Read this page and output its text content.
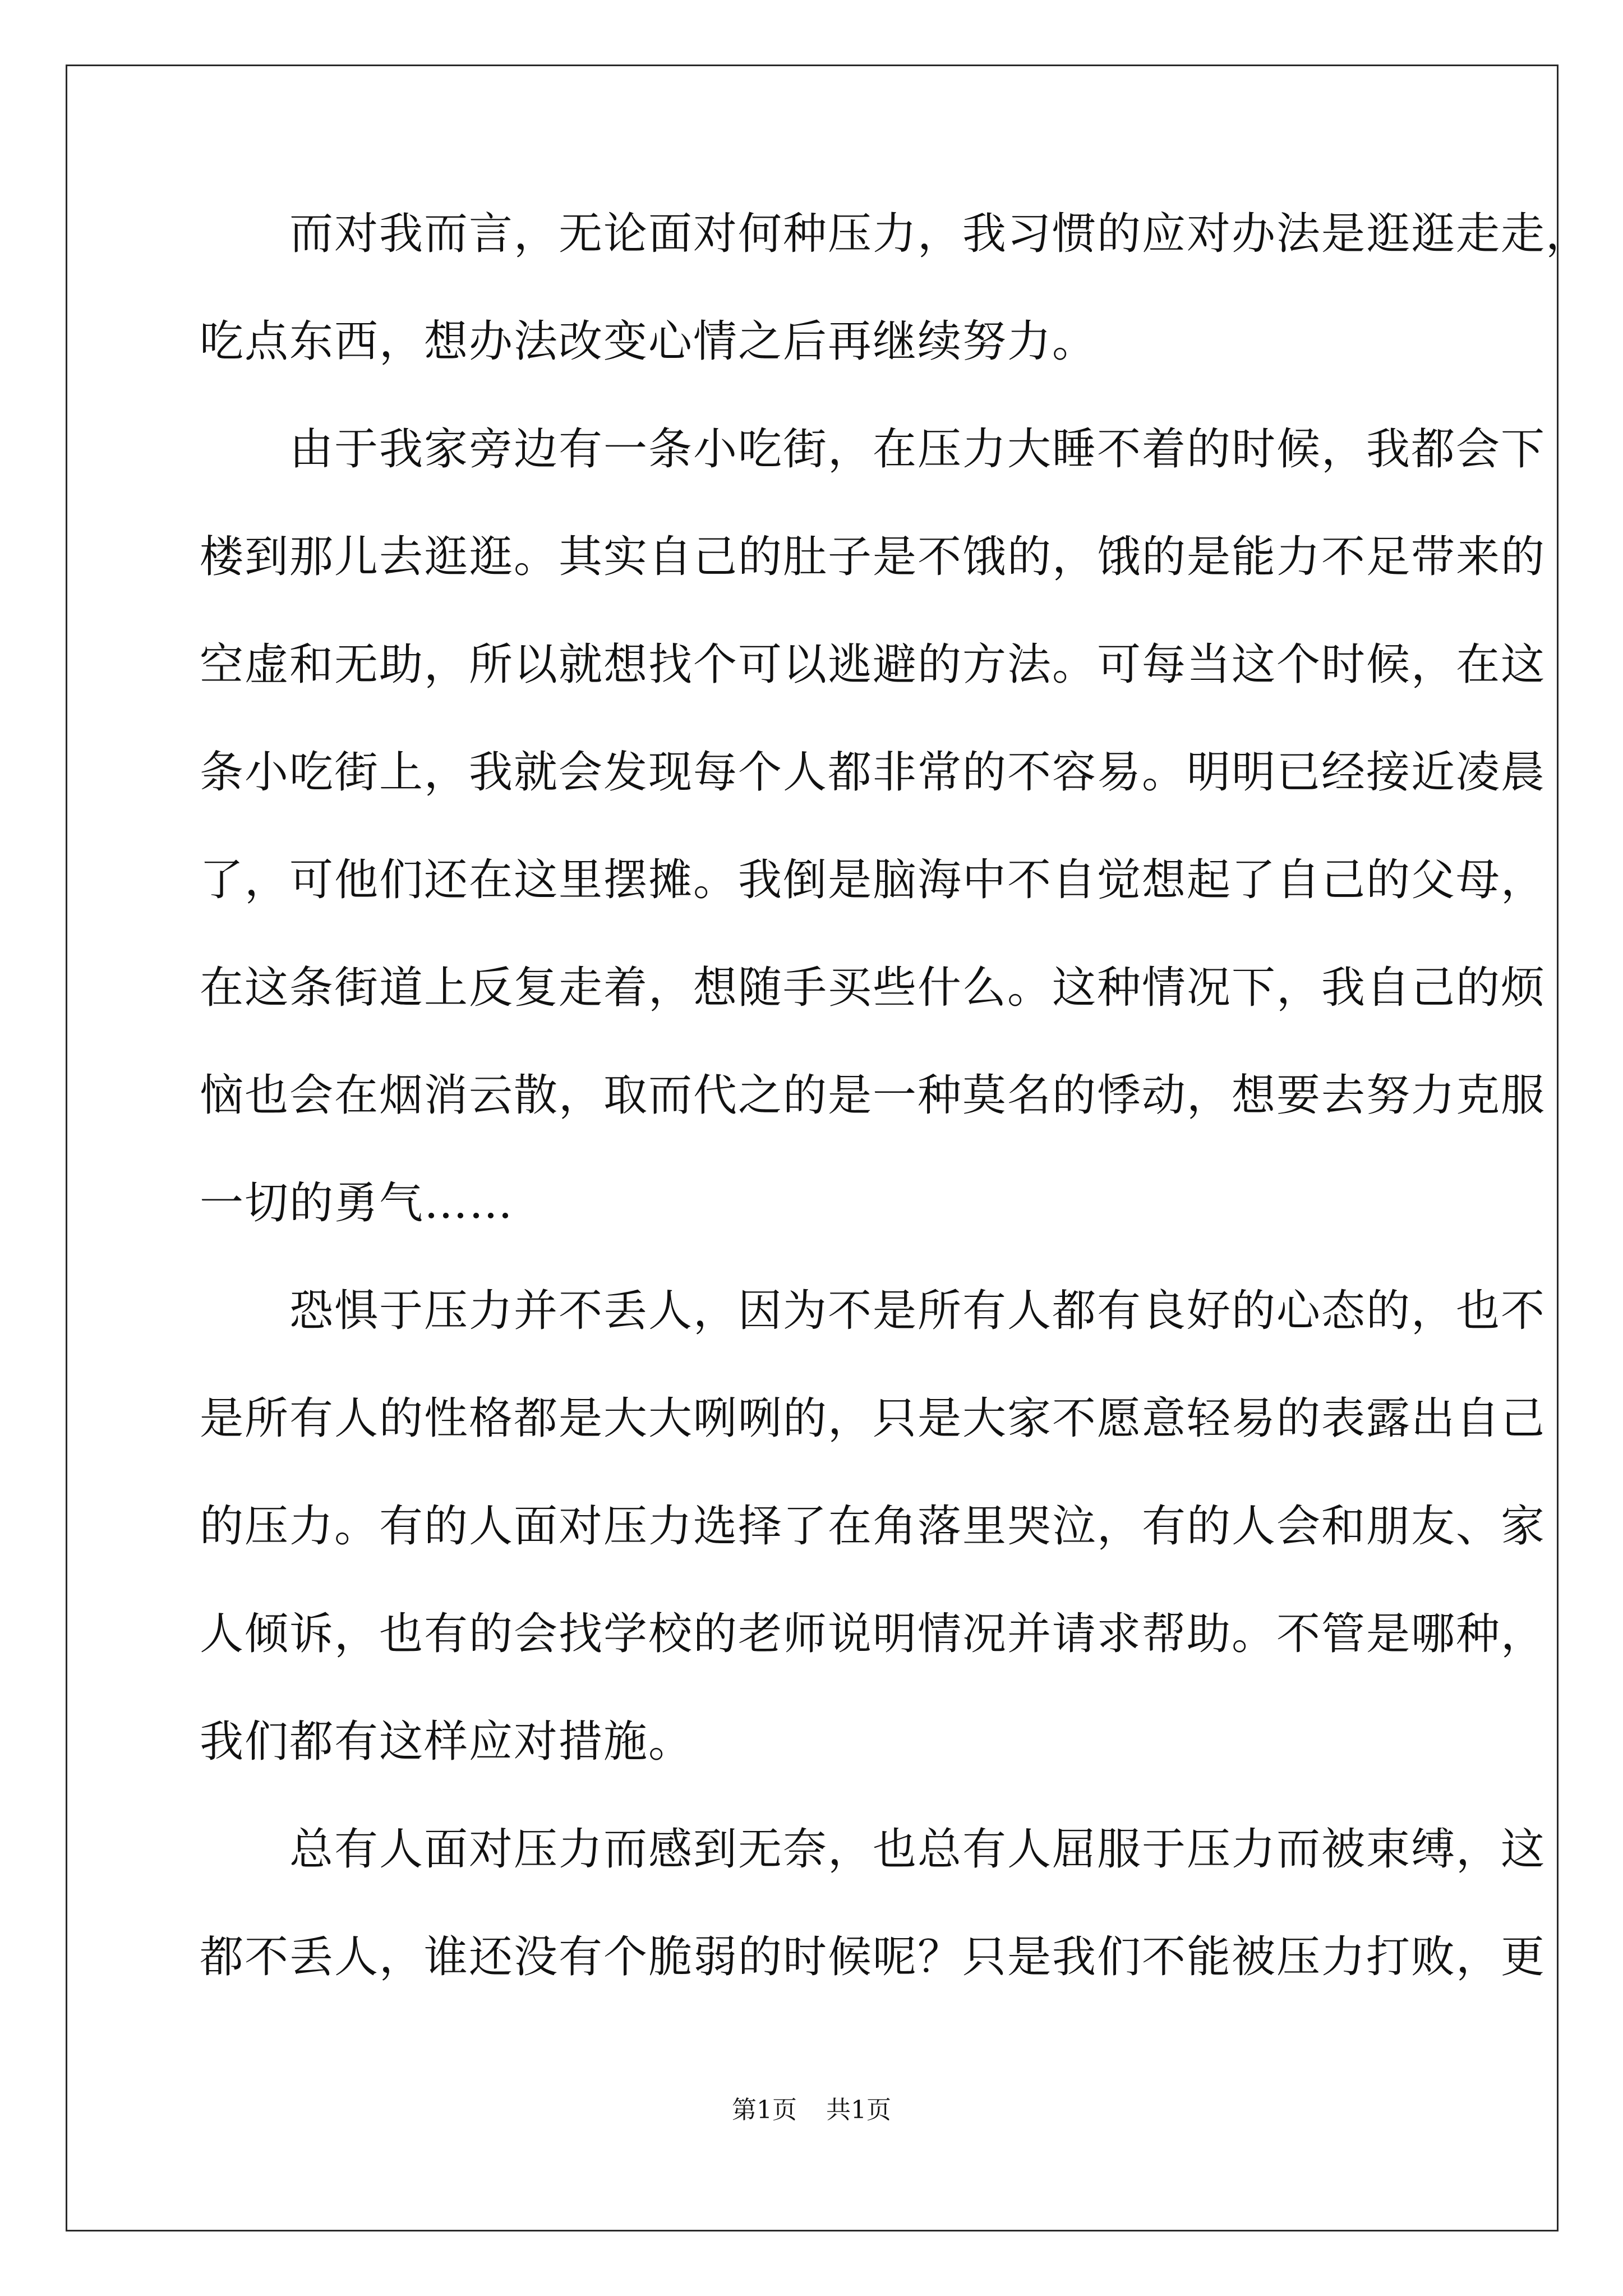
　　而对我而言，无论面对何种压力，我习惯的应对办法是逛逛走走，
吃点东西，想办法改变心情之后再继续努力。
　　由于我家旁边有一条小吃街，在压力大睡不着的时候，我都会下
楼到那儿去逛逛。其实自己的肚子是不饿的，饿的是能力不足带来的
空虚和无助，所以就想找个可以逃避的方法。可每当这个时候，在这
条小吃街上，我就会发现每个人都非常的不容易。明明已经接近凌晨
了，可他们还在这里摆摊。我倒是脑海中不自觉想起了自己的父母，
在这条街道上反复走着，想随手买些什么。这种情况下，我自己的烦
恼也会在烟消云散，取而代之的是一种莫名的悸动，想要去努力克服
一切的勇气……
　　恐惧于压力并不丢人，因为不是所有人都有良好的心态的，也不
是所有人的性格都是大大咧咧的，只是大家不愿意轻易的表露出自己
的压力。有的人面对压力选择了在角落里哭泣，有的人会和朋友、家
人倾诉，也有的会找学校的老师说明情况并请求帮助。不管是哪种，
我们都有这样应对措施。
　　总有人面对压力而感到无奈，也总有人屈服于压力而被束缚，这
都不丢人，谁还没有个脆弱的时候呢？只是我们不能被压力打败，更
第1页 共1页
